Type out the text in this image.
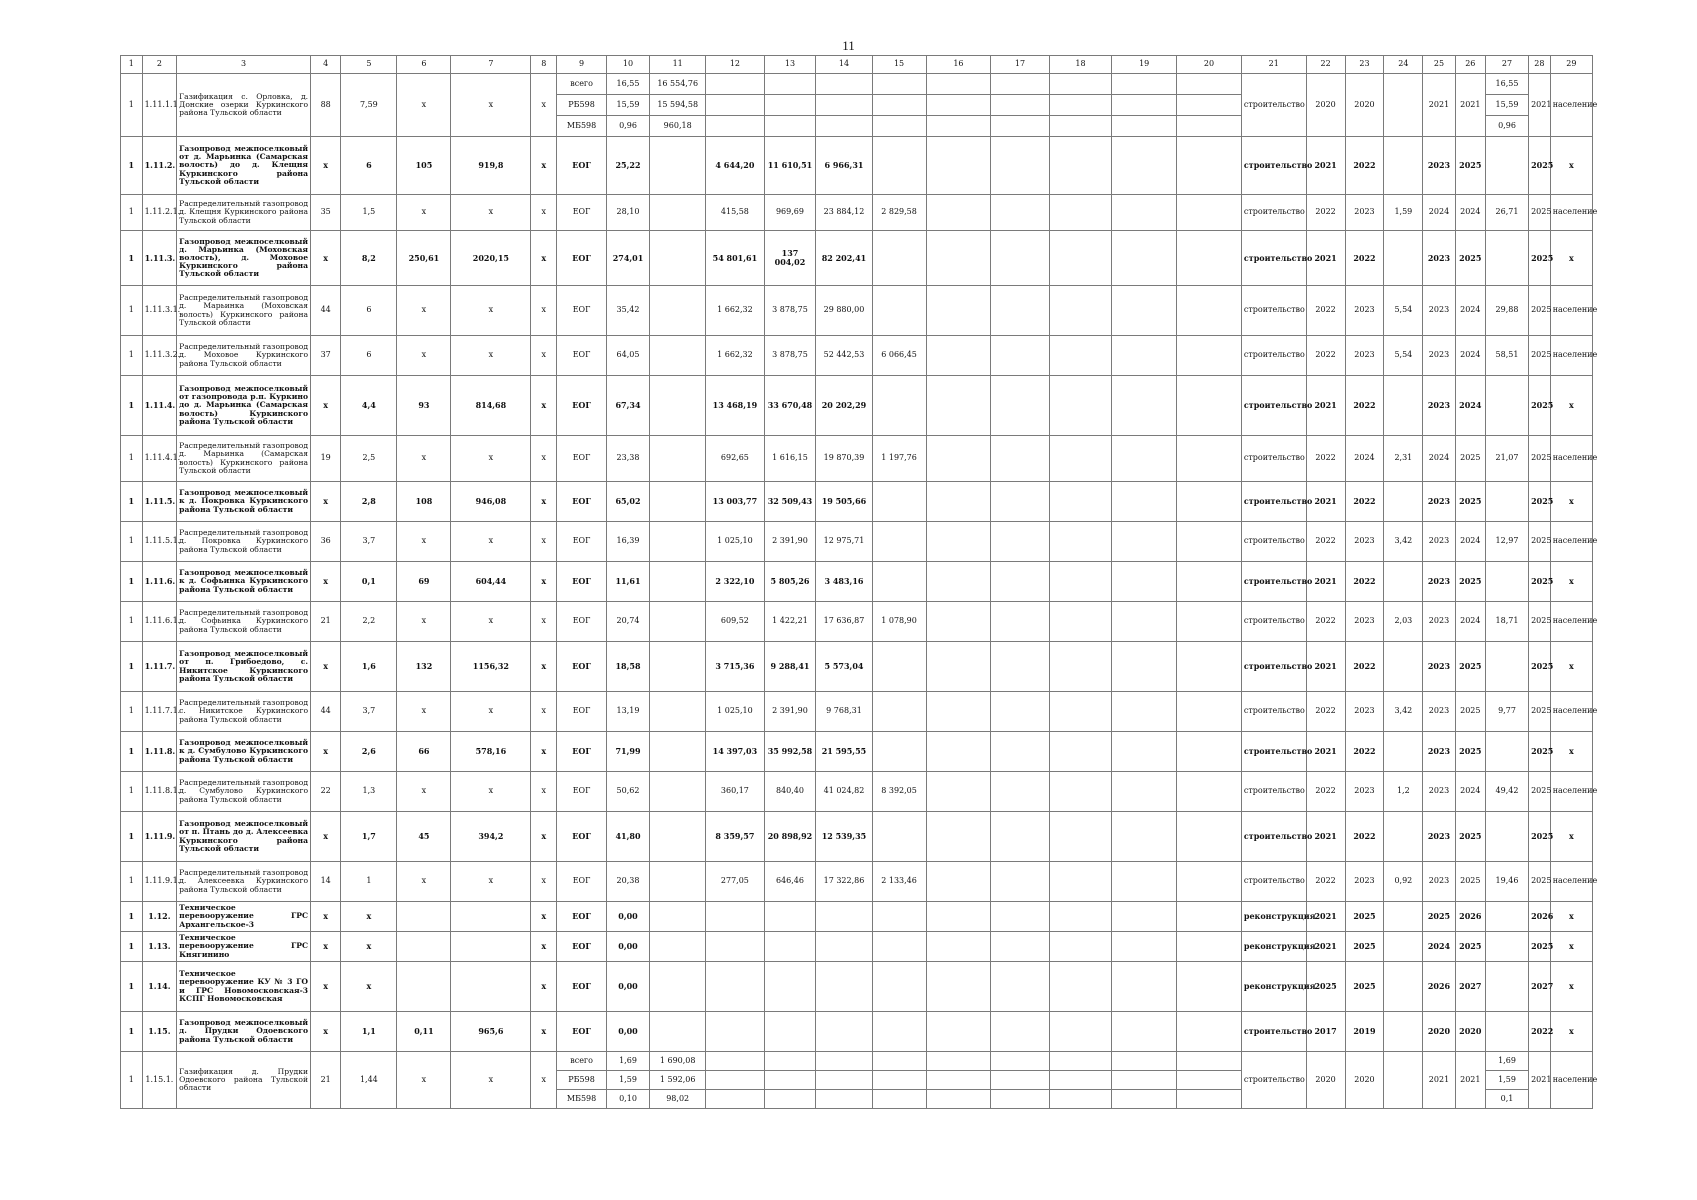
11
1	2	3	4	5	6	7	8	9	10	11	12	13	14	15	16	17	18	19	20	21	22	23	24	25	26	27	28	29
1	1.11.1.1	Газификация с. Орловка, д. Донские озерки Куркинского района Тульской области	88	7,59	х	х	х	всего	16,55	16 554,76										строительство	2020	2020		2021	2021	16,55	2021	население
								РБ598	15,59	15 594,58																15,59		
								МБ598	0,96	960,18																0,96		
1	1.11.2.	Газопровод межпоселковый от д. Марьинка (Самарская волость) до д. Клещня Куркинского района Тульской области	х	6	105	919,8	х	ЕОГ	25,22		4 644,20	11 610,51	6 966,31							строительство	2021	2022		2023	2025		2025	х
1	1.11.2.1.	Распределительный газопровод д. Клещня Куркинского района Тульской области	35	1,5	х	х	х	ЕОГ	28,10		415,58	969,69	23 884,12	2 829,58						строительство	2022	2023	1,59	2024	2024	26,71	2025	население
1	1.11.3.	Газопровод межпоселковый д. Марьинка (Моховская волость), д. Моховое Куркинского района Тульской области	х	8,2	250,61	2020,15	х	ЕОГ	274,01		54 801,61	137 004,02	82 202,41							строительство	2021	2022		2023	2025		2025	х
1	1.11.3.1.	Распределительный газопровод д. Марьинка (Моховская волость) Куркинского района Тульской области	44	6	х	х	х	ЕОГ	35,42		1 662,32	3 878,75	29 880,00							строительство	2022	2023	5,54	2023	2024	29,88	2025	население
1	1.11.3.2.	Распределительный газопровод д. Моховое Куркинского района Тульской области	37	6	х	х	х	ЕОГ	64,05		1 662,32	3 878,75	52 442,53	6 066,45						строительство	2022	2023	5,54	2023	2024	58,51	2025	население
1	1.11.4.	Газопровод межпоселковый от газопровода р.п. Куркино до д. Марьинка (Самарская волость) Куркинского района Тульской области	х	4,4	93	814,68	х	ЕОГ	67,34		13 468,19	33 670,48	20 202,29							строительство	2021	2022		2023	2024		2025	х
1	1.11.4.1.	Распределительный газопровод д. Марьинка (Самарская волость) Куркинского района Тульской области	19	2,5	х	х	х	ЕОГ	23,38		692,65	1 616,15	19 870,39	1 197,76						строительство	2022	2024	2,31	2024	2025	21,07	2025	население
1	1.11.5.	Газопровод межпоселковый к д. Покровка Куркинского района Тульской области	х	2,8	108	946,08	х	ЕОГ	65,02		13 003,77	32 509,43	19 505,66							строительство	2021	2022		2023	2025		2025	х
1	1.11.5.1.	Распределительный газопровод д. Покровка Куркинского района Тульской области	36	3,7	х	х	х	ЕОГ	16,39		1 025,10	2 391,90	12 975,71							строительство	2022	2023	3,42	2023	2024	12,97	2025	население
1	1.11.6.	Газопровод межпоселковый к д. Софьинка Куркинского района Тульской области	х	0,1	69	604,44	х	ЕОГ	11,61		2 322,10	5 805,26	3 483,16							строительство	2021	2022		2023	2025		2025	х
1	1.11.6.1.	Распределительный газопровод д. Софьинка Куркинского района Тульской области	21	2,2	х	х	х	ЕОГ	20,74		609,52	1 422,21	17 636,87	1 078,90						строительство	2022	2023	2,03	2023	2024	18,71	2025	население
1	1.11.7.	Газопровод межпоселковый от п. Грибоедово, с. Никитское Куркинского района Тульской области	х	1,6	132	1156,32	х	ЕОГ	18,58		3 715,36	9 288,41	5 573,04							строительство	2021	2022		2023	2025		2025	х
1	1.11.7.1.	Распределительный газопровод с. Никитское Куркинского района Тульской области	44	3,7	х	х	х	ЕОГ	13,19		1 025,10	2 391,90	9 768,31							строительство	2022	2023	3,42	2023	2025	9,77	2025	население
1	1.11.8.	Газопровод межпоселковый к д. Сумбулово Куркинского района Тульской области	х	2,6	66	578,16	х	ЕОГ	71,99		14 397,03	35 992,58	21 595,55							строительство	2021	2022		2023	2025		2025	х
1	1.11.8.1.	Распределительный газопровод д. Сумбулово Куркинского района Тульской области	22	1,3	х	х	х	ЕОГ	50,62		360,17	840,40	41 024,82	8 392,05						строительство	2022	2023	1,2	2023	2024	49,42	2025	население
1	1.11.9.	Газопровод межпоселковый от п. Птань до д. Алексеевка Куркинского района Тульской области	х	1,7	45	394,2	х	ЕОГ	41,80		8 359,57	20 898,92	12 539,35							строительство	2021	2022		2023	2025		2025	х
1	1.11.9.1.	Распределительный газопровод д. Алексеевка Куркинского района Тульской области	14	1	х	х	х	ЕОГ	20,38		277,05	646,46	17 322,86	2 133,46						строительство	2022	2023	0,92	2023	2025	19,46	2025	население
1	1.12.	Техническое перевооружение ГРС Архангельское-3	х	х			х	ЕОГ	0,00											реконструкция	2021	2025		2025	2026		2026	х
1	1.13.	Техническое перевооружение ГРС Княгинино	х	х			х	ЕОГ	0,00											реконструкция	2021	2025		2024	2025		2025	х
1	1.14.	Техническое перевооружение КУ № 3 ГО и ГРС Новомосковская-3 КСПГ Новомосковская	х	х			х	ЕОГ	0,00											реконструкция	2025	2025		2026	2027		2027	х
1	1.15.	Газопровод межпоселковый д. Прудки Одоевского района Тульской области	х	1,1	0,11	965,6	х	ЕОГ	0,00											строительство	2017	2019		2020	2020		2022	х
1	1.15.1.	Газификация д. Прудки Одоевского района Тульской области	21	1,44	х	х	х	всего	1,69	1 690,08										строительство	2020	2020		2021	2021	1,69	2021	население
								РБ598	1,59	1 592,06																1,59		
								МБ598	0,10	98,02																0,1		
